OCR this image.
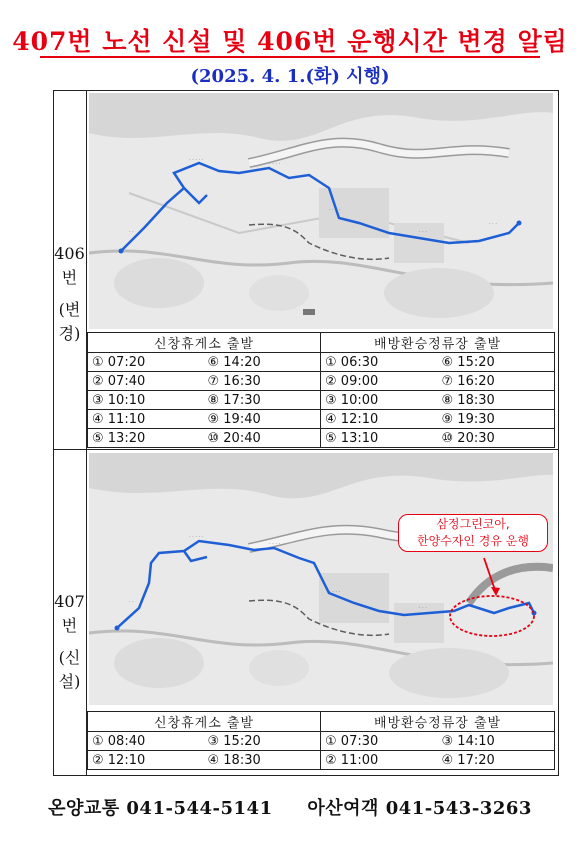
407번 노선 신설 및 406번 운행시간 변경 알림
(2025. 4. 1.(화) 시행)
406번
(변경)
407번
(신설)
· · · · ·
· · · ·
· · · ·
· · ·
· · ·
· ·
신창휴게소 출발		배방환승정류장 출발	
① 07:20	⑥ 14:20	① 06:30	⑥ 15:20
② 07:40	⑦ 16:30	② 09:00	⑦ 16:20
③ 10:10	⑧ 17:30	③ 10:00	⑧ 18:30
④ 11:10	⑨ 19:40	④ 12:10	⑨ 19:30
⑤ 13:20	⑩ 20:40	⑤ 13:10	⑩ 20:30
· · · · ·
· · · ·
· · · ·
· · ·
· ·
삼정그린코아,
한양수자인 경유 운행
신창휴게소 출발		배방환승정류장 출발	
① 08:40	③ 15:20	① 07:30	③ 14:10
② 12:10	④ 18:30	② 11:00	④ 17:20
온양교통 041-544-5141 아산여객 041-543-3263
